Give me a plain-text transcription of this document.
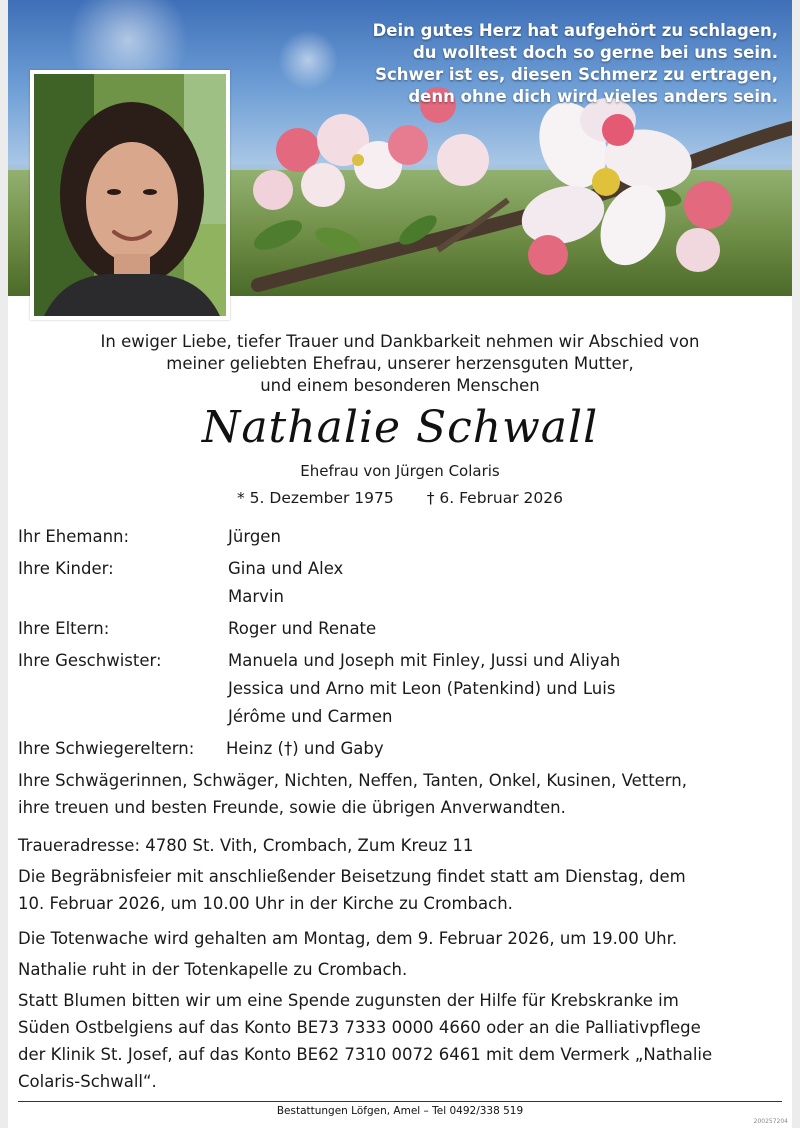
Dein gutes Herz hat aufgehört zu schlagen,
du wolltest doch so gerne bei uns sein.
Schwer ist es, diesen Schmerz zu ertragen,
denn ohne dich wird vieles anders sein.
In ewiger Liebe, tiefer Trauer und Dankbarkeit nehmen wir Abschied von
meiner geliebten Ehefrau, unserer herzensguten Mutter,
und einem besonderen Menschen
Nathalie Schwall
Ehefrau von Jürgen Colaris
* 5. Dezember 1975 † 6. Februar 2026
Ihr Ehemann:	Jürgen
Ihre Kinder:	Gina und Alex
Marvin
Ihre Eltern:	Roger und Renate
Ihre Geschwister:	Manuela und Joseph mit Finley, Jussi und Aliyah
Jessica und Arno mit Leon (Patenkind) und Luis
Jérôme und Carmen
Ihre Schwiegereltern: Heinz (†) und Gaby
Ihre Schwägerinnen, Schwäger, Nichten, Neffen, Tanten, Onkel, Kusinen, Vettern,
ihre treuen und besten Freunde, sowie die übrigen Anverwandten.
Traueradresse: 4780 St. Vith, Crombach, Zum Kreuz 11
Die Begräbnisfeier mit anschließender Beisetzung findet statt am Dienstag, dem
10. Februar 2026, um 10.00 Uhr in der Kirche zu Crombach.
Die Totenwache wird gehalten am Montag, dem 9. Februar 2026, um 19.00 Uhr.
Nathalie ruht in der Totenkapelle zu Crombach.
Statt Blumen bitten wir um eine Spende zugunsten der Hilfe für Krebskranke im
Süden Ostbelgiens auf das Konto BE73 7333 0000 4660 oder an die Palliativpflege
der Klinik St. Josef, auf das Konto BE62 7310 0072 6461 mit dem Vermerk „Nathalie
Colaris-Schwall“.
Bestattungen Löfgen, Amel – Tel 0492/338 519
200257204
